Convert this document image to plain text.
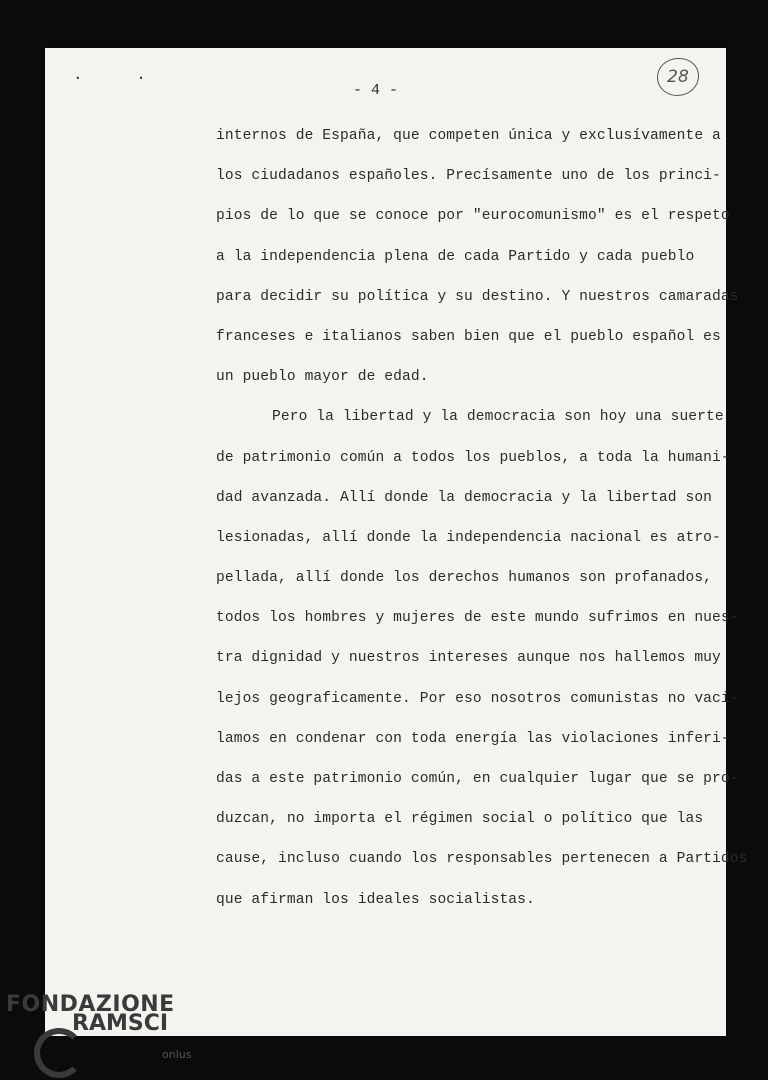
. .
- 4 -
28
internos de España, que competen única y exclusívamente a
los ciudadanos españoles. Precísamente uno de los princi-
pios de lo que se conoce por "eurocomunismo" es el respeto
a la independencia plena de cada Partido y cada pueblo
para decidir su política y su destino. Y nuestros camaradas
franceses e italianos saben bien que el pueblo español es
un pueblo mayor de edad.
Pero la libertad y la democracia son hoy una suerte
de patrimonio común a todos los pueblos, a toda la humani-
dad avanzada. Allí donde la democracia y la libertad son
lesionadas, allí donde la independencia nacional es atro-
pellada, allí donde los derechos humanos son profanados,
todos los hombres y mujeres de este mundo sufrimos en nues-
tra dignidad y nuestros intereses aunque nos hallemos muy
lejos geograficamente. Por eso nosotros comunistas no vaci-
lamos en condenar con toda energía las violaciones inferi-
das a este patrimonio común, en cualquier lugar que se pro-
duzcan, no importa el régimen social o político que las
cause, incluso cuando los responsables pertenecen a Partidos
que afirman los ideales socialistas.
FONDAZIONE
RAMSCI
onlus
